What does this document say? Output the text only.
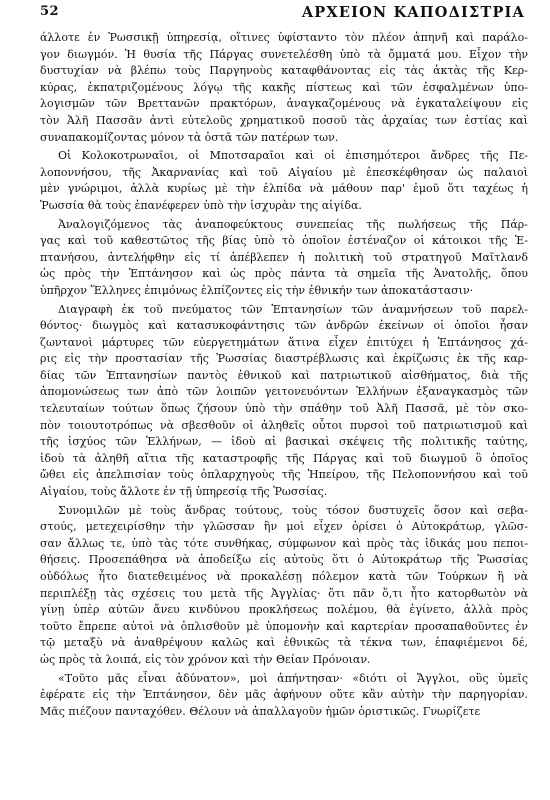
52	ΑΡΧΕΙΟΝ ΚΑΠΟΔΙΣΤΡΙΑ
άλλοτε ἐν Ῥωσσικῇ ὑπηρεσίᾳ, οἵτινες ὑφίσταντο τὸν πλέον ἀπηνῆ καὶ παράλο-
γον διωγμόν. Ἡ θυσία τῆς Πάργας συνετελέσθη ὑπὸ τὰ ὄμματά μου. Εἶχον τὴν
δυστυχίαν νὰ βλέπω τοὺς Παργηνοὺς καταφθάνοντας εἰς τὰς ἀκτὰς τῆς Κερ-
κύρας, ἐκπατριζομένους λόγῳ τῆς κακῆς πίστεως καὶ τῶν ἐσφαλμένων ὑπο-
λογισμῶν τῶν Βρεττανῶν πρακτόρων, ἀναγκαζομένους νὰ ἐγκαταλείψουν εἰς
τὸν Ἀλῆ Πασσᾶν ἀντὶ εὐτελοῦς χρηματικοῦ ποσοῦ τὰς ἀρχαίας των ἑστίας καὶ
συναπακομίζοντας μόνον τὰ ὀστᾶ τῶν πατέρων των.
Οἱ Κολοκοτρωναῖοι, οἱ Μποτσαραῖοι καὶ οἱ ἐπισημότεροι ἄνδρες τῆς Πε-
λοποννήσου, τῆς Ἀκαρνανίας καὶ τοῦ Αἰγαίου μὲ ἐπεσκέφθησαν ὡς παλαιοὶ
μὲν γνώριμοι, ἀλλὰ κυρίως μὲ τὴν ἐλπίδα νὰ μάθουν παρ' ἐμοῦ ὅτι ταχέως ἡ
Ῥωσσία θὰ τοὺς ἐπανέφερεν ὑπὸ τὴν ἰσχυρὰν της αἰγίδα.
Ἀναλογιζόμενος τὰς ἀναποφεύκτους συνεπείας τῆς πωλήσεως τῆς Πάρ-
γας καὶ τοῦ καθεστῶτος τῆς βίας ὑπὸ τὸ ὁποῖον ἐστέναζον οἱ κάτοικοι τῆς Ἑ-
πτανήσου, ἀντελήφθην εἰς τί ἀπέβλεπεν ἡ πολιτικὴ τοῦ στρατηγοῦ Μαῖτλανδ
ὡς πρὸς τὴν Ἑπτάνησον καὶ ὡς πρὸς πάντα τὰ σημεῖα τῆς Ἀνατολῆς, ὅπου
ὑπῆρχον Ἕλληνες ἐπιμόνως ἐλπίζοντες εἰς τὴν ἐθνικήν των ἀποκατάστασιν·
Διαγραφὴ ἐκ τοῦ πνεύματος τῶν Ἑπτανησίων τῶν ἀναμνήσεων τοῦ παρελ-
θόντος· διωγμὸς καὶ κατασυκοφάντησις τῶν ἀνδρῶν ἐκείνων οἱ ὁποῖοι ἦσαν
ζωντανοὶ μάρτυρες τῶν εὐεργετημάτων ἅτινα εἶχεν ἐπιτύχει ἡ Ἑπτάνησος χά-
ρις εἰς τὴν προστασίαν τῆς Ῥωσσίας διαστρέβλωσις καὶ ἐκρίζωσις ἐκ τῆς καρ-
δίας τῶν Ἑπτανησίων παντὸς ἐθνικοῦ καὶ πατριωτικοῦ αἰσθήματος, διὰ τῆς
ἀπομονώσεως των ἀπὸ τῶν λοιπῶν γειτονευόντων Ἑλλήνων ἐξαναγκασμὸς τῶν
τελευταίων τούτων ὅπως ζήσουν ὑπὸ τὴν σπάθην τοῦ Ἀλῆ Πασσᾶ, μὲ τὸν σκο-
πὸν τοιουτοτρόπως νὰ σβεσθοῦν οἱ ἀληθεῖς οὗτοι πυρσοὶ τοῦ πατριωτισμοῦ καὶ
τῆς ἰσχύος τῶν Ἑλλήνων, — ἰδοὺ αἱ βασικαὶ σκέψεις τῆς πολιτικῆς ταύτης,
ἰδοὺ τὰ ἀληθῆ αἴτια τῆς καταστροφῆς τῆς Πάργας καὶ τοῦ διωγμοῦ ὃ ὁποῖος
ὤθει εἰς ἀπελπισίαν τοὺς ὁπλαρχηγοὺς τῆς Ἠπείρου, τῆς Πελοποννήσου καὶ τοῦ
Αἰγαίου, τοὺς ἄλλοτε ἐν τῇ ὑπηρεσίᾳ τῆς Ῥωσσίας.
Συνομιλῶν μὲ τοὺς ἄνδρας τούτους, τοὺς τόσον δυστυχεῖς ὅσον καὶ σεβα-
στούς, μετεχειρίσθην τὴν γλῶσσαν ἣν μοὶ εἶχεν ὁρίσει ὁ Αὐτοκράτωρ, γλῶσ-
σαν ἄλλως τε, ὑπὸ τὰς τότε συνθήκας, σύμφωνον καὶ πρὸς τὰς ἰδικάς μου πεποι-
θήσεις. Προσεπάθησα νὰ ἀποδείξω εἰς αὐτοὺς ὅτι ὁ Αὐτοκράτωρ τῆς Ῥωσσίας
οὐδόλως ἦτο διατεθειμένος νὰ προκαλέσῃ πόλεμον κατὰ τῶν Τούρκων ἢ νὰ
περιπλέξῃ τὰς σχέσεις του μετὰ τῆς Ἀγγλίας· ὅτι πᾶν ὅ,τι ἦτο κατορθωτὸν νὰ
γίνῃ ὑπὲρ αὐτῶν ἄνευ κινδύνου προκλήσεως πολέμου, θὰ ἐγίνετο, ἀλλὰ πρὸς
τοῦτο ἔπρεπε αὐτοὶ νὰ ὁπλισθοῦν μὲ ὑπομονὴν καὶ καρτερίαν προσαπαθοῦντες ἐν
τῷ μεταξὺ νὰ ἀναθρέψουν καλῶς καὶ ἐθνικῶς τὰ τέκνα των, ἐπαφιέμενοι δέ,
ὡς πρὸς τὰ λοιπά, εἰς τὸν χρόνον καὶ τὴν Θείαν Πρόνοιαν.
«Τοῦτο μᾶς εἶναι ἀδύνατον», μοὶ ἀπήντησαν· «διότι οἱ Ἄγγλοι, οὓς ὑμεῖς
ἐφέρατε εἰς τὴν Ἑπτάνησον, δὲν μᾶς ἀφήνουν οὔτε κἂν αὐτὴν τὴν παρηγορίαν.
Μᾶς πιέζουν πανταχόθεν. Θέλουν νὰ ἀπαλλαγοῦν ἡμῶν ὁριστικῶς. Γνωρίζετε
